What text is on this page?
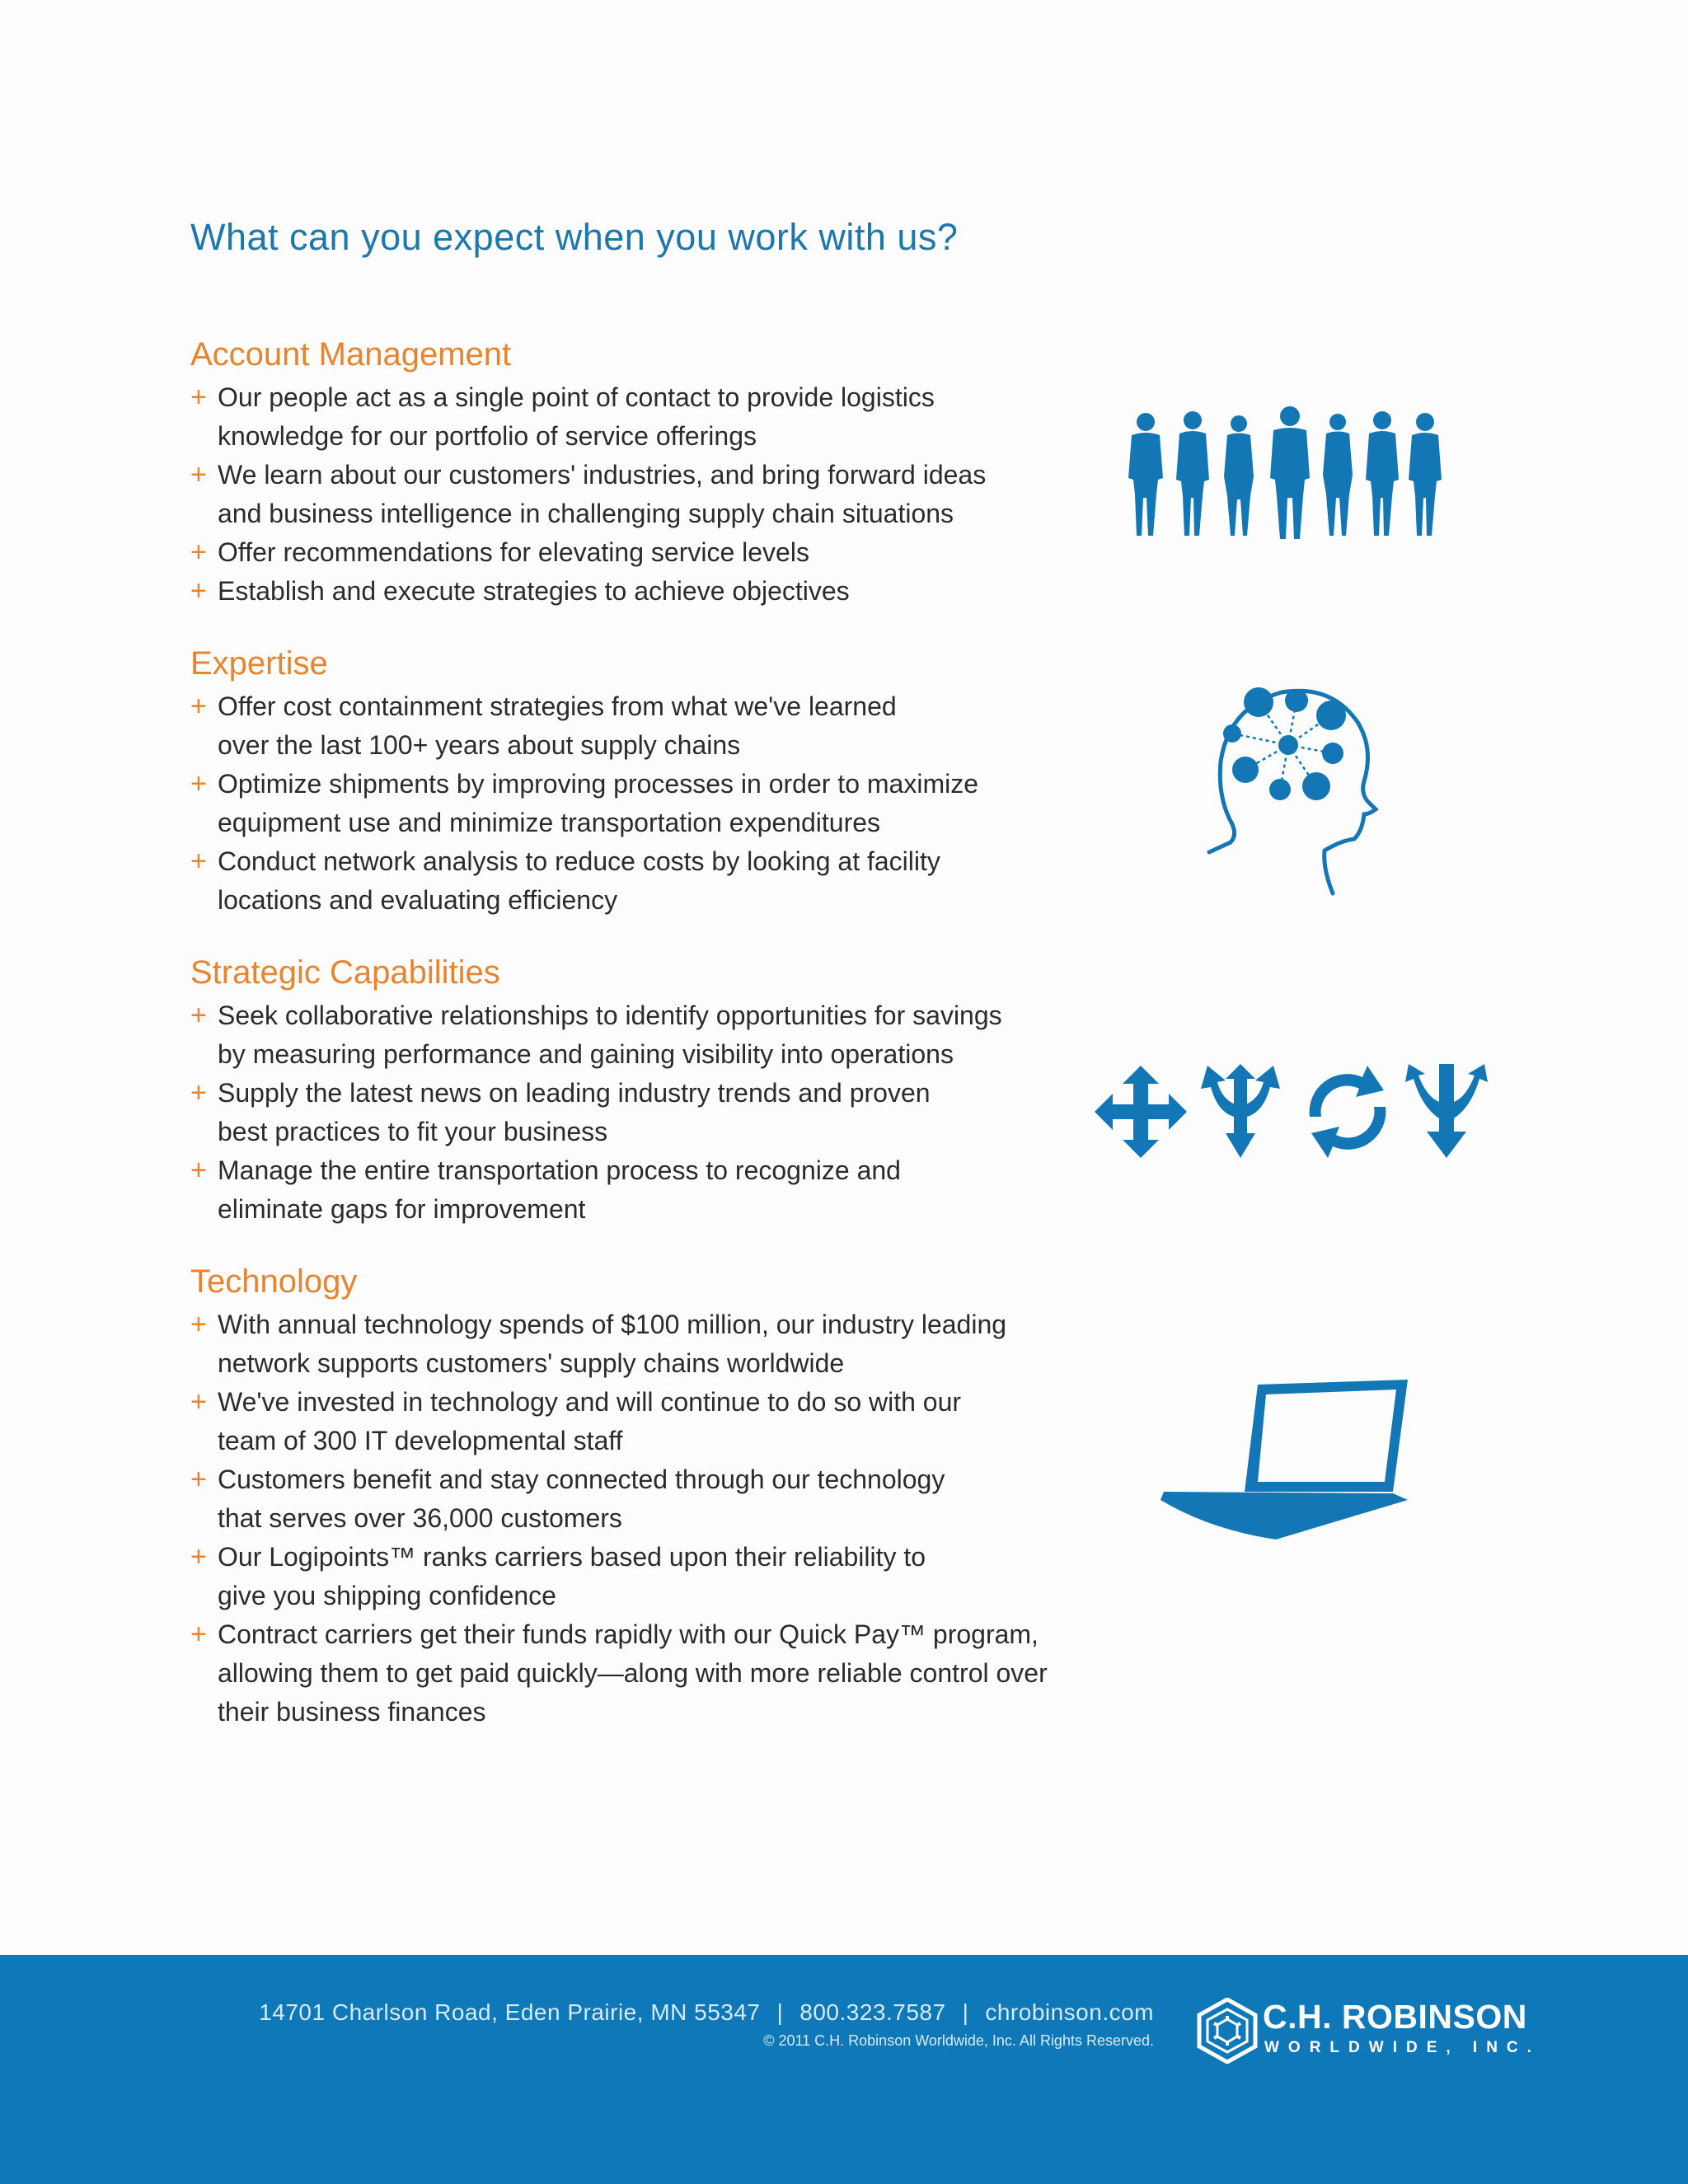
What can you expect when you work with us?
Account Management
+ Our people act as a single point of contact to provide logistics
knowledge for our portfolio of service offerings
+ We learn about our customers' industries, and bring forward ideas
and business intelligence in challenging supply chain situations
+ Offer recommendations for elevating service levels
+ Establish and execute strategies to achieve objectives
Expertise
+ Offer cost containment strategies from what we've learned
over the last 100+ years about supply chains
+ Optimize shipments by improving processes in order to maximize
equipment use and minimize transportation expenditures
+ Conduct network analysis to reduce costs by looking at facility
locations and evaluating efficiency
Strategic Capabilities
+ Seek collaborative relationships to identify opportunities for savings
by measuring performance and gaining visibility into operations
+ Supply the latest news on leading industry trends and proven
best practices to fit your business
+ Manage the entire transportation process to recognize and
eliminate gaps for improvement
Technology
+ With annual technology spends of $100 million, our industry leading
network supports customers' supply chains worldwide
+ We've invested in technology and will continue to do so with our
team of 300 IT developmental staff
+ Customers benefit and stay connected through our technology
that serves over 36,000 customers
+ Our Logipoints™ ranks carriers based upon their reliability to
give you shipping confidence
+ Contract carriers get their funds rapidly with our Quick Pay™ program,
allowing them to get paid quickly—along with more reliable control over
their business finances
14701 Charlson Road, Eden Prairie, MN 55347 | 800.323.7587 | chrobinson.com
© 2011 C.H. Robinson Worldwide, Inc. All Rights Reserved.
C.H. ROBINSON
WORLDWIDE, INC.
